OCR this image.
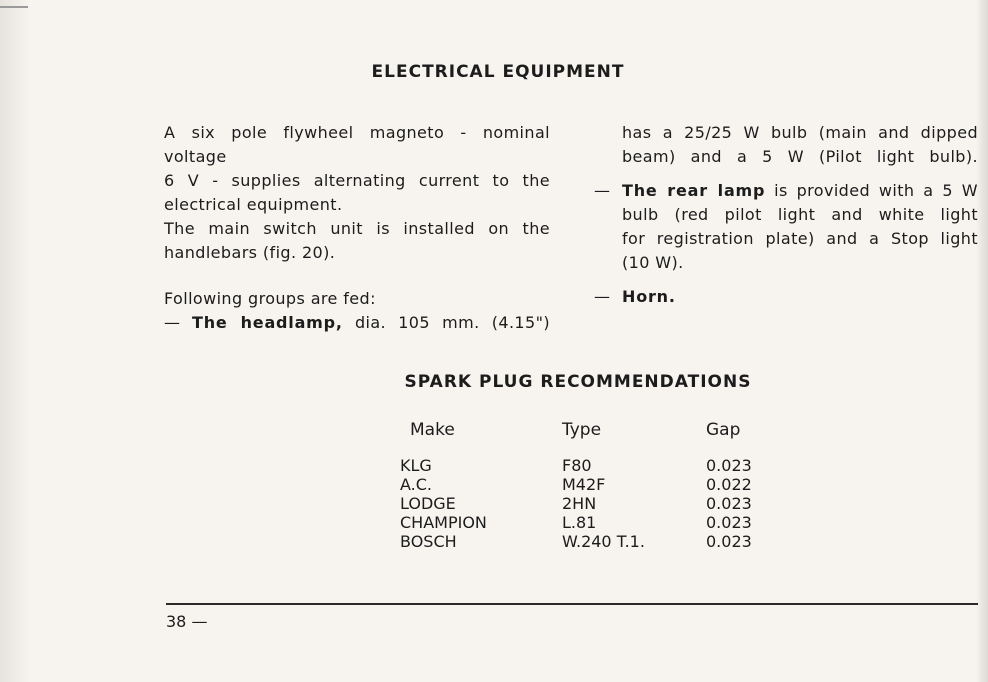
ELECTRICAL EQUIPMENT

A six pole flywheel magneto - nominal voltage

6 V - supplies alternating current to the

electrical equipment.

The main switch unit is installed on the

handlebars (fig. 20).

Following groups are fed:

— The headlamp, dia. 105 mm. (4.15")

has a 25/25 W bulb (main and dipped

beam) and a 5 W (Pilot light bulb).

— The rear lamp is provided with a 5 W

bulb (red pilot light and white light

for registration plate) and a Stop light

(10 W).

— Horn.
SPARK PLUG RECOMMENDATIONS
Make	Type	Gap
KLG	F80	0.023
A.C.	M42F	0.022
LODGE	2HN	0.023
CHAMPION	L.81	0.023
BOSCH	W.240 T.1.	0.023
38 —
